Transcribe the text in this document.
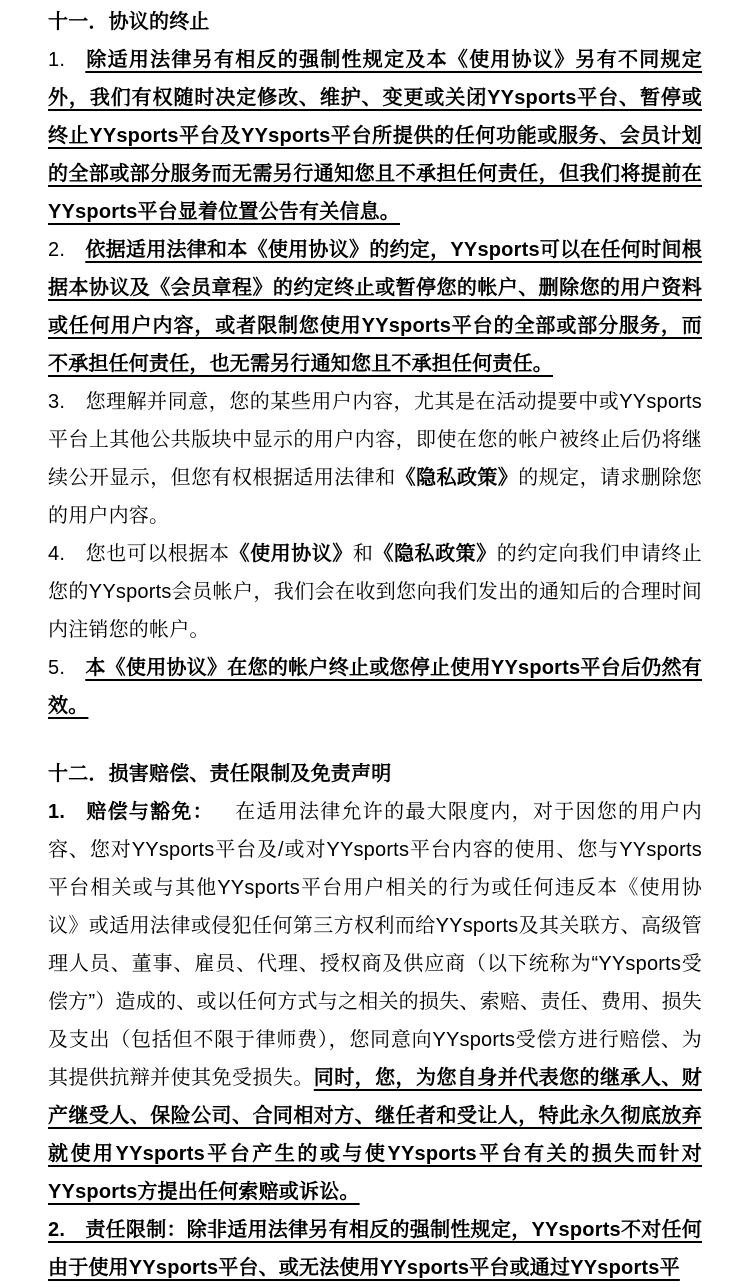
十一．协议的终止

1. 除适用法律另有相反的强制性规定及本《使用协议》另有不同规定外，我们有权随时决定修改、维护、变更或关闭YYsports平台、暂停或终止YYsports平台及YYsports平台所提供的任何功能或服务、会员计划的全部或部分服务而无需另行通知您且不承担任何责任，但我们将提前在YYsports平台显着位置公告有关信息。

2. 依据适用法律和本《使用协议》的约定，YYsports可以在任何时间根据本协议及《会员章程》的约定终止或暂停您的帐户、删除您的用户资料或任何用户内容，或者限制您使用YYsports平台的全部或部分服务，而不承担任何责任，也无需另行通知您且不承担任何责任。

3. 您理解并同意，您的某些用户内容，尤其是在活动提要中或YYsports平台上其他公共版块中显示的用户内容，即使在您的帐户被终止后仍将继续公开显示，但您有权根据适用法律和《隐私政策》的规定，请求删除您的用户内容。

4. 您也可以根据本《使用协议》和《隐私政策》的约定向我们申请终止您的YYsports会员帐户，我们会在收到您向我们发出的通知后的合理时间内注销您的帐户。

5. 本《使用协议》在您的帐户终止或您停止使用YYsports平台后仍然有效。

十二．损害赔偿、责任限制及免责声明

1. 赔偿与豁免： 在适用法律允许的最大限度内，对于因您的用户内容、您对YYsports平台及/或对YYsports平台内容的使用、您与YYsports平台相关或与其他YYsports平台用户相关的行为或任何违反本《使用协议》或适用法律或侵犯任何第三方权利而给YYsports及其关联方、高级管理人员、董事、雇员、代理、授权商及供应商（以下统称为“YYsports受偿方”）造成的、或以任何方式与之相关的损失、索赔、责任、费用、损失及支出（包括但不限于律师费），您同意向YYsports受偿方进行赔偿、为其提供抗辩并使其免受损失。同时，您，为您自身并代表您的继承人、财产继受人、保险公司、合同相对方、继任者和受让人，特此永久彻底放弃就使用YYsports平台产生的或与使YYsports平台有关的损失而针对YYsports方提出任何索赔或诉讼。

2. 责任限制：除非适用法律另有相反的强制性规定，YYsports不对任何由于使用YYsports平台、或无法使用YYsports平台或通过YYsports平
